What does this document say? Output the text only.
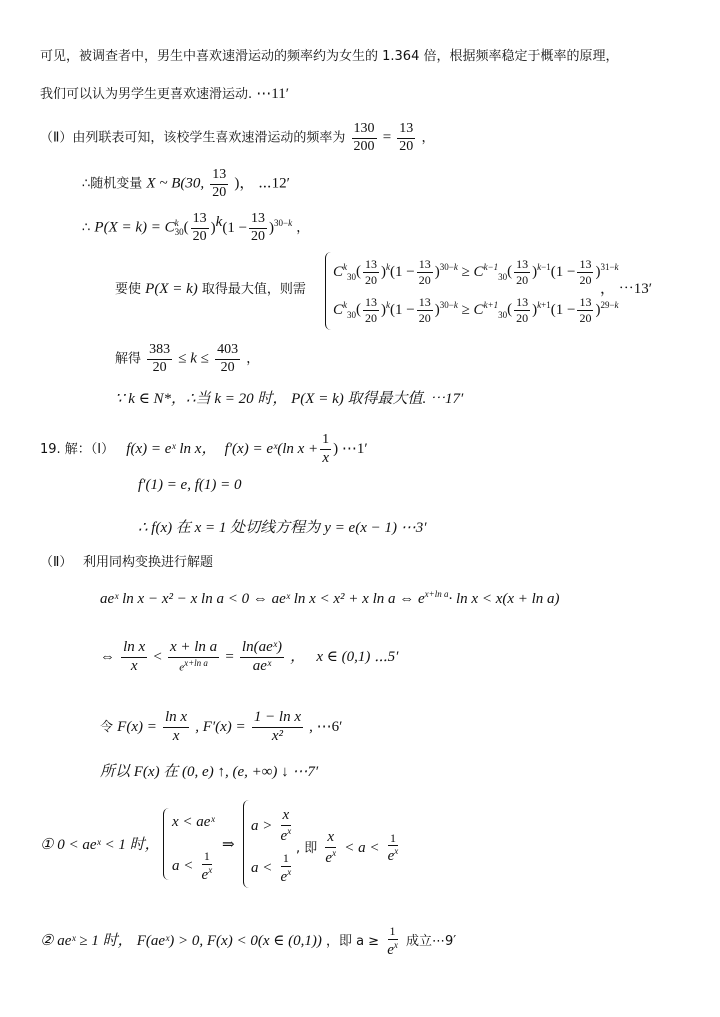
可见，被调查者中，男生中喜欢速滑运动的频率约为女生的 1.364 倍，根据频率稳定于概率的原理，
我们可以认为男学生更喜欢速滑运动. ⋯11′
（Ⅱ）由列联表可知，该校学生喜欢速滑运动的频率为 $\frac{130}{200} = \frac{13}{20}$ ，
∴随机变量 X ~ B(30, $\frac{13}{20}$ )， ⋯12′
∴ P(X = k) = C k
30 ( $\frac{13}{20} )^k(1 - \frac{13}{20} )^{30-k}$ ，
要使 P(X = k) 取得最大值，则需
$C^k_{30}( \frac{13}{20} )^k(1 - \frac{13}{20} )^{30-k} \ge C^{k-1}_{30}( \frac{13}{20} )^{k-1}(1 - \frac{13}{20} )^{31-k}$
$C^k_{30}( \frac{13}{20} )^k(1 - \frac{13}{20} )^{30-k} \ge C^{k+1}_{30}( \frac{13}{20} )^{k+1}(1 - \frac{13}{20} )^{29-k}$
， ⋯13′
解得 $\frac{383}{20} \le k \le \frac{403}{20}$ ，
∵ k ∈ N*，∴当 k = 20 时， P(X = k) 取得最大值. ⋯17′
19. 解：（Ⅰ） f(x) = eˣ ln x， f′(x) = eˣ(ln $x + \frac{1}{x}$ ) ⋯1′
f′(1) = e, f(1) = 0
∴ f(x) 在 x = 1 处切线方程为 y = e(x − 1) ⋯3′
（Ⅱ）　 利用同构变换进行解题
aeˣ ln x − x² − x ln a < 0 ⇔ aeˣ ln x < x² + x ln a ⇔ $e^{x+ln a}\cdot \ln x < x(x + \ln a)$
⇔ $\frac{\text{ln x}}{x} < \frac{\text{x + ln a}}{e^{x+ln a}} = \frac{\text{ln(aeˣ)}}{\text{aeˣ}}$ ，　 x ∈ (0,1) ⋯5′
令 $F(x) = \frac{\text{ln x}}{x}$ , $F'(x) = \frac{\text{1 − ln x}}{\text{x²}}$ , ⋯6′
所以 F(x) 在 (0, e) ↑, (e, +∞) ↓ ⋯7′
① 0 < aeˣ < 1 时，
x < aeˣ
$a < \frac{1}{e^x}$
⇒
$a > \frac{x}{e^x}$
$a < \frac{1}{e^x}$
, 即 $\frac{x}{e^x} < a < \frac{1}{e^x}$
② aeˣ ≥ 1 时， F(aeˣ) > 0, F(x) < 0(x ∈ (0,1)) ，即 $a \ge \frac{1}{e^x}$ 成立⋯9′
